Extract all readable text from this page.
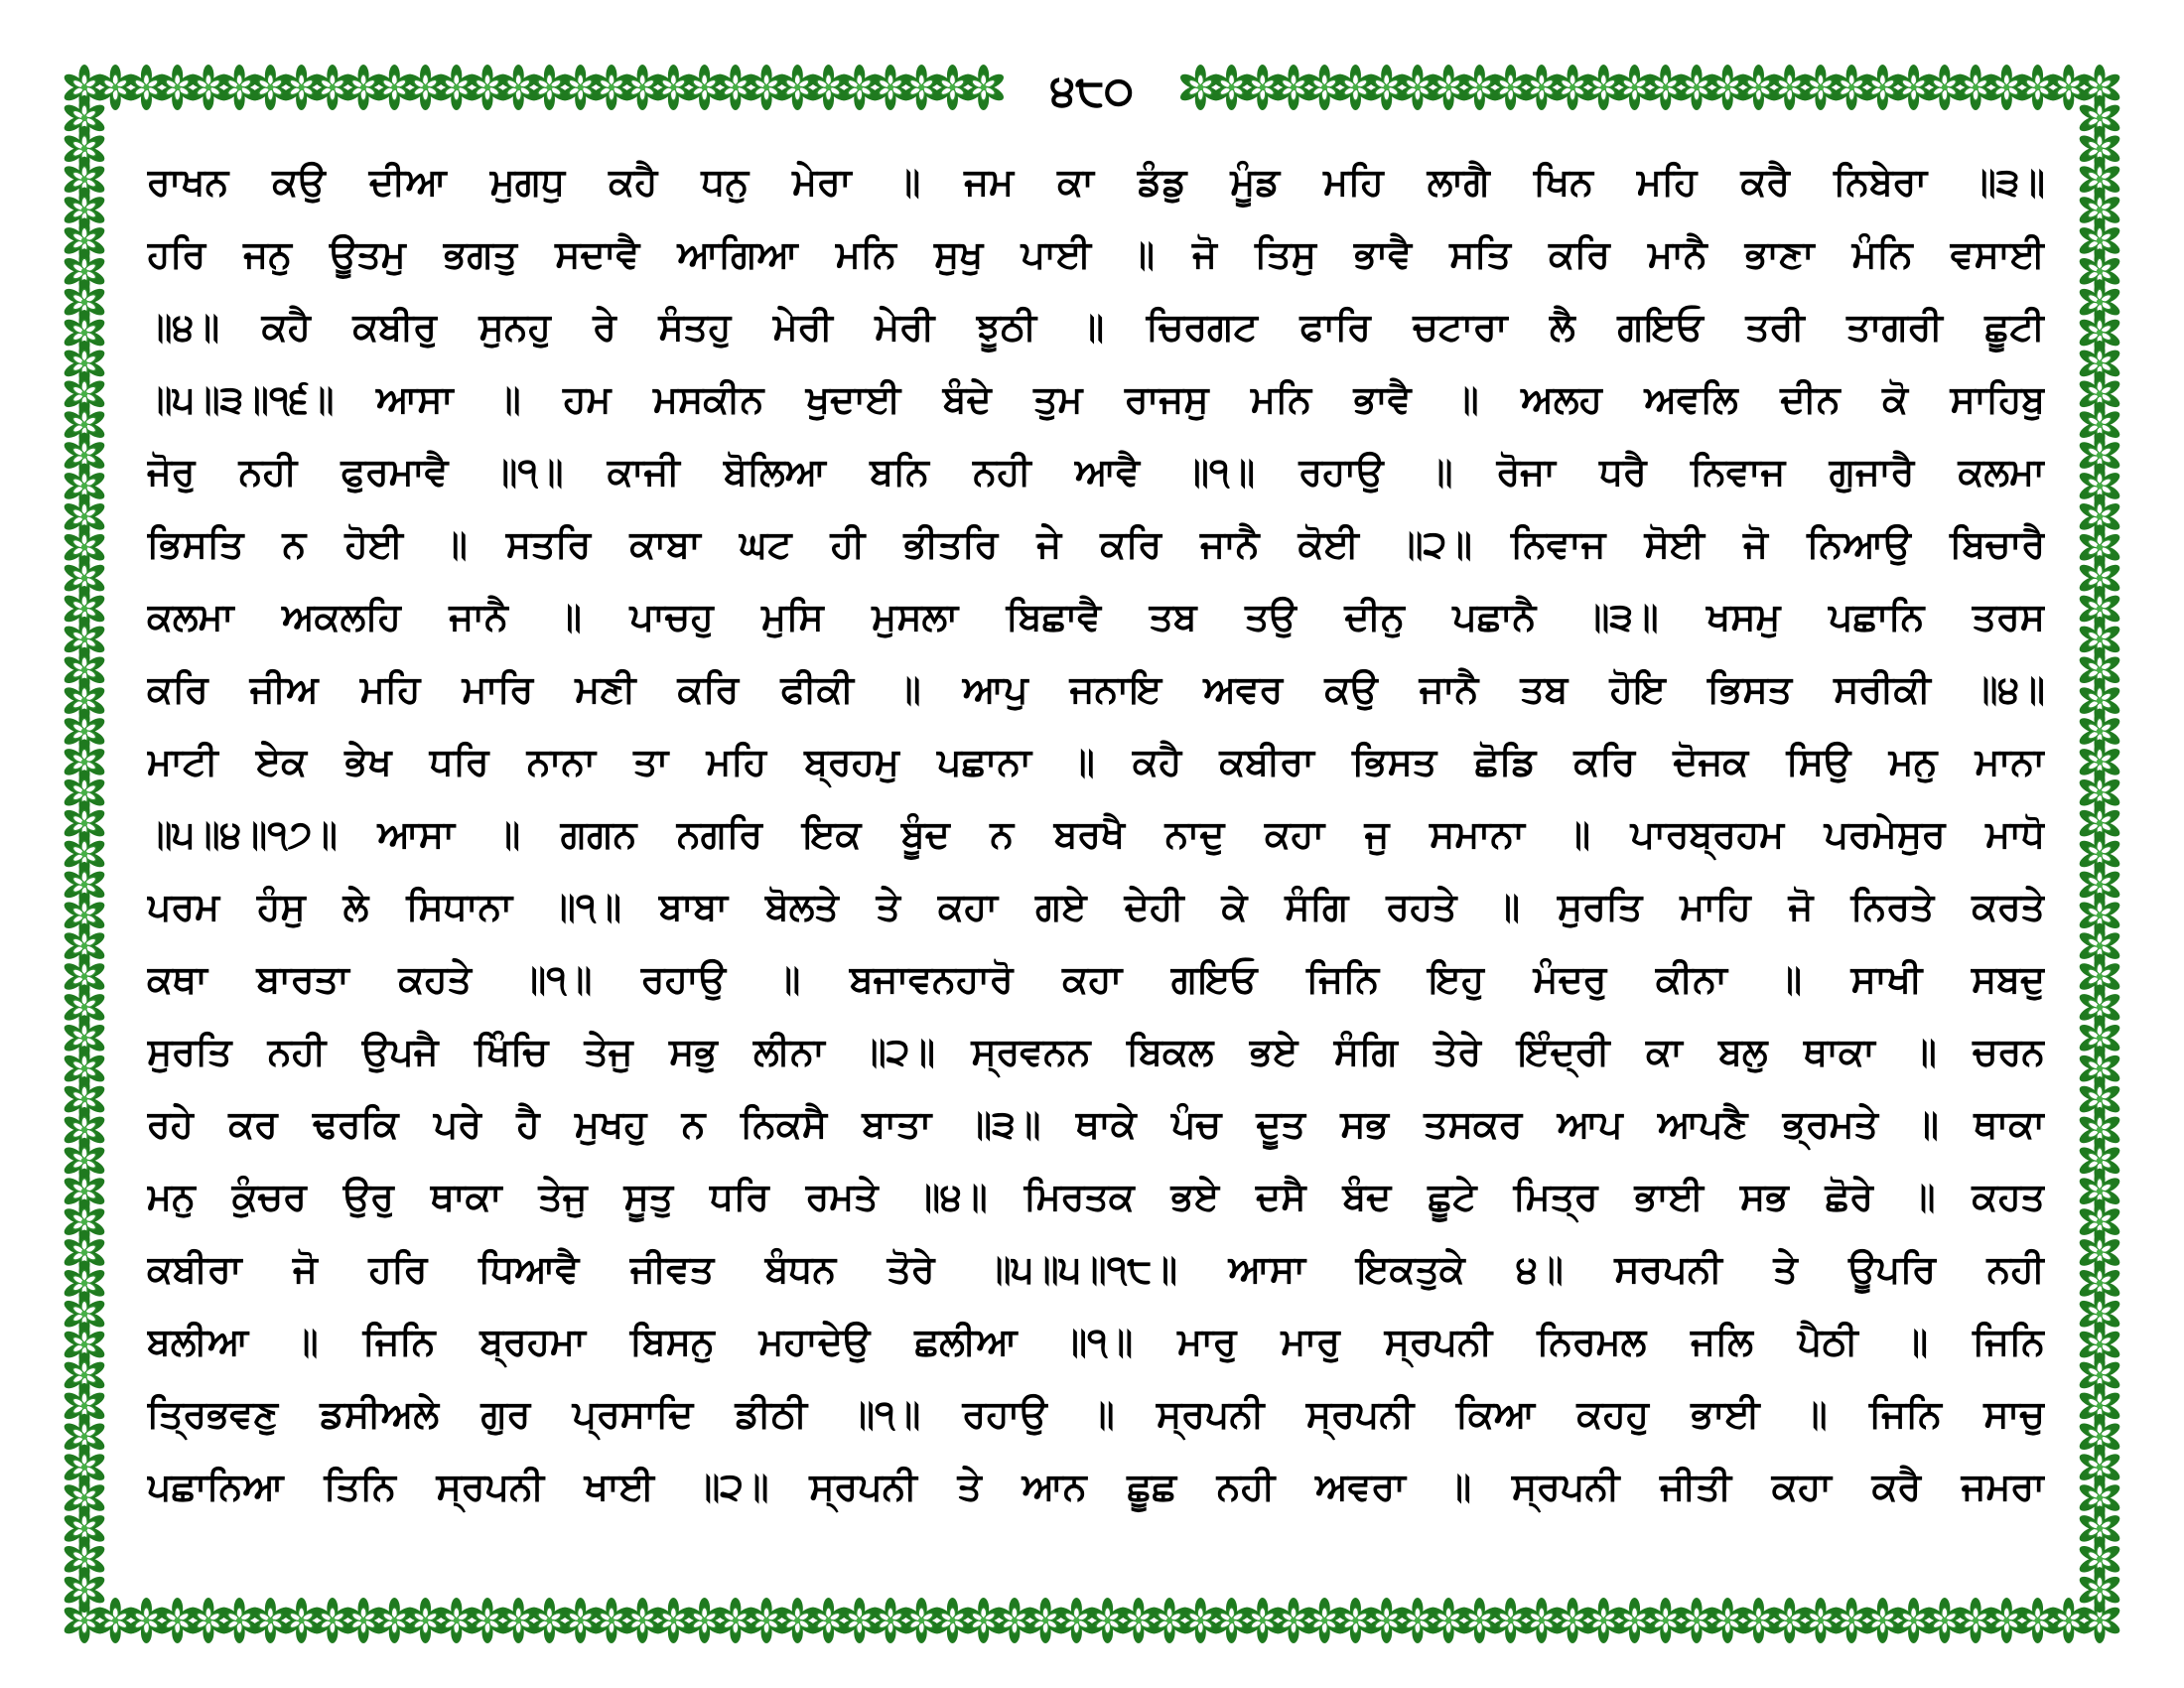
੪੮੦
ਰਾਖਨ ਕਉ ਦੀਆ ਮੁਗਧੁ ਕਹੈ ਧਨੁ ਮੇਰਾ ॥ ਜਮ ਕਾ ਡੰਡੁ ਮੂੰਡ ਮਹਿ ਲਾਗੈ ਖਿਨ ਮਹਿ ਕਰੈ ਨਿਬੇਰਾ ॥੩॥
ਹਰਿ ਜਨੁ ਊਤਮੁ ਭਗਤੁ ਸਦਾਵੈ ਆਗਿਆ ਮਨਿ ਸੁਖੁ ਪਾਈ ॥ ਜੋ ਤਿਸੁ ਭਾਵੈ ਸਤਿ ਕਰਿ ਮਾਨੈ ਭਾਣਾ ਮੰਨਿ ਵਸਾਈ
॥੪॥ ਕਹੈ ਕਬੀਰੁ ਸੁਨਹੁ ਰੇ ਸੰਤਹੁ ਮੇਰੀ ਮੇਰੀ ਝੂਠੀ ॥ ਚਿਰਗਟ ਫਾਰਿ ਚਟਾਰਾ ਲੈ ਗਇਓ ਤਰੀ ਤਾਗਰੀ ਛੂਟੀ
॥੫॥੩॥੧੬॥ ਆਸਾ ॥ ਹਮ ਮਸਕੀਨ ਖੁਦਾਈ ਬੰਦੇ ਤੁਮ ਰਾਜਸੁ ਮਨਿ ਭਾਵੈ ॥ ਅਲਹ ਅਵਲਿ ਦੀਨ ਕੋ ਸਾਹਿਬੁ
ਜੋਰੁ ਨਹੀ ਫੁਰਮਾਵੈ ॥੧॥ ਕਾਜੀ ਬੋਲਿਆ ਬਨਿ ਨਹੀ ਆਵੈ ॥੧॥ ਰਹਾਉ ॥ ਰੋਜਾ ਧਰੈ ਨਿਵਾਜ ਗੁਜਾਰੈ ਕਲਮਾ
ਭਿਸਤਿ ਨ ਹੋਈ ॥ ਸਤਰਿ ਕਾਬਾ ਘਟ ਹੀ ਭੀਤਰਿ ਜੇ ਕਰਿ ਜਾਨੈ ਕੋਈ ॥੨॥ ਨਿਵਾਜ ਸੋਈ ਜੋ ਨਿਆਉ ਬਿਚਾਰੈ
ਕਲਮਾ ਅਕਲਹਿ ਜਾਨੈ ॥ ਪਾਚਹੁ ਮੁਸਿ ਮੁਸਲਾ ਬਿਛਾਵੈ ਤਬ ਤਉ ਦੀਨੁ ਪਛਾਨੈ ॥੩॥ ਖਸਮੁ ਪਛਾਨਿ ਤਰਸ
ਕਰਿ ਜੀਅ ਮਹਿ ਮਾਰਿ ਮਣੀ ਕਰਿ ਫੀਕੀ ॥ ਆਪੁ ਜਨਾਇ ਅਵਰ ਕਉ ਜਾਨੈ ਤਬ ਹੋਇ ਭਿਸਤ ਸਰੀਕੀ ॥੪॥
ਮਾਟੀ ਏਕ ਭੇਖ ਧਰਿ ਨਾਨਾ ਤਾ ਮਹਿ ਬ੍ਰਹਮੁ ਪਛਾਨਾ ॥ ਕਹੈ ਕਬੀਰਾ ਭਿਸਤ ਛੋਡਿ ਕਰਿ ਦੋਜਕ ਸਿਉ ਮਨੁ ਮਾਨਾ
॥੫॥੪॥੧੭॥ ਆਸਾ ॥ ਗਗਨ ਨਗਰਿ ਇਕ ਬੂੰਦ ਨ ਬਰਖੈ ਨਾਦੁ ਕਹਾ ਜੁ ਸਮਾਨਾ ॥ ਪਾਰਬ੍ਰਹਮ ਪਰਮੇਸੁਰ ਮਾਧੋ
ਪਰਮ ਹੰਸੁ ਲੇ ਸਿਧਾਨਾ ॥੧॥ ਬਾਬਾ ਬੋਲਤੇ ਤੇ ਕਹਾ ਗਏ ਦੇਹੀ ਕੇ ਸੰਗਿ ਰਹਤੇ ॥ ਸੁਰਤਿ ਮਾਹਿ ਜੋ ਨਿਰਤੇ ਕਰਤੇ
ਕਥਾ ਬਾਰਤਾ ਕਹਤੇ ॥੧॥ ਰਹਾਉ ॥ ਬਜਾਵਨਹਾਰੋ ਕਹਾ ਗਇਓ ਜਿਨਿ ਇਹੁ ਮੰਦਰੁ ਕੀਨਾ ॥ ਸਾਖੀ ਸਬਦੁ
ਸੁਰਤਿ ਨਹੀ ਉਪਜੈ ਖਿੰਚਿ ਤੇਜੁ ਸਭੁ ਲੀਨਾ ॥੨॥ ਸ੍ਰਵਨਨ ਬਿਕਲ ਭਏ ਸੰਗਿ ਤੇਰੇ ਇੰਦ੍ਰੀ ਕਾ ਬਲੁ ਥਾਕਾ ॥ ਚਰਨ
ਰਹੇ ਕਰ ਢਰਕਿ ਪਰੇ ਹੈ ਮੁਖਹੁ ਨ ਨਿਕਸੈ ਬਾਤਾ ॥੩॥ ਥਾਕੇ ਪੰਚ ਦੂਤ ਸਭ ਤਸਕਰ ਆਪ ਆਪਣੈ ਭ੍ਰਮਤੇ ॥ ਥਾਕਾ
ਮਨੁ ਕੁੰਚਰ ਉਰੁ ਥਾਕਾ ਤੇਜੁ ਸੂਤੁ ਧਰਿ ਰਮਤੇ ॥੪॥ ਮਿਰਤਕ ਭਏ ਦਸੈ ਬੰਦ ਛੂਟੇ ਮਿਤ੍ਰ ਭਾਈ ਸਭ ਛੋਰੇ ॥ ਕਹਤ
ਕਬੀਰਾ ਜੋ ਹਰਿ ਧਿਆਵੈ ਜੀਵਤ ਬੰਧਨ ਤੋਰੇ ॥੫॥੫॥੧੮॥ ਆਸਾ ਇਕਤੁਕੇ ੪॥ ਸਰਪਨੀ ਤੇ ਊਪਰਿ ਨਹੀ
ਬਲੀਆ ॥ ਜਿਨਿ ਬ੍ਰਹਮਾ ਬਿਸਨੁ ਮਹਾਦੇਉ ਛਲੀਆ ॥੧॥ ਮਾਰੁ ਮਾਰੁ ਸ੍ਰਪਨੀ ਨਿਰਮਲ ਜਲਿ ਪੈਠੀ ॥ ਜਿਨਿ
ਤ੍ਰਿਭਵਣੁ ਡਸੀਅਲੇ ਗੁਰ ਪ੍ਰਸਾਦਿ ਡੀਠੀ ॥੧॥ ਰਹਾਉ ॥ ਸ੍ਰਪਨੀ ਸ੍ਰਪਨੀ ਕਿਆ ਕਹਹੁ ਭਾਈ ॥ ਜਿਨਿ ਸਾਚੁ
ਪਛਾਨਿਆ ਤਿਨਿ ਸ੍ਰਪਨੀ ਖਾਈ ॥੨॥ ਸ੍ਰਪਨੀ ਤੇ ਆਨ ਛੂਛ ਨਹੀ ਅਵਰਾ ॥ ਸ੍ਰਪਨੀ ਜੀਤੀ ਕਹਾ ਕਰੈ ਜਮਰਾ
